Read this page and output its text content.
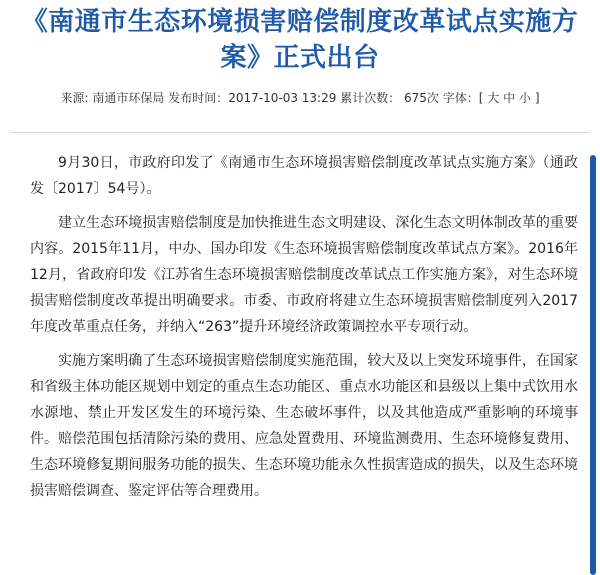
《南通市生态环境损害赔偿制度改革试点实施方案》正式出台
来源: 南通市环保局 发布时间：2017-10-03 13:29 累计次数： 675次 字体：[ 大 中 小 ]

9月30日，市政府印发了《南通市生态环境损害赔偿制度改革试点实施方案》（通政发〔2017〕54号）。

建立生态环境损害赔偿制度是加快推进生态文明建设、深化生态文明体制改革的重要内容。2015年11月，中办、国办印发《生态环境损害赔偿制度改革试点方案》。2016年12月，省政府印发《江苏省生态环境损害赔偿制度改革试点工作实施方案》，对生态环境损害赔偿制度改革提出明确要求。市委、市政府将建立生态环境损害赔偿制度列入2017年度改革重点任务，并纳入“263”提升环境经济政策调控水平专项行动。

实施方案明确了生态环境损害赔偿制度实施范围，较大及以上突发环境事件，在国家和省级主体功能区规划中划定的重点生态功能区、重点水功能区和县级以上集中式饮用水水源地、禁止开发区发生的环境污染、生态破坏事件，以及其他造成严重影响的环境事件。赔偿范围包括清除污染的费用、应急处置费用、环境监测费用、生态环境修复费用、生态环境修复期间服务功能的损失、生态环境功能永久性损害造成的损失，以及生态环境损害赔偿调查、鉴定评估等合理费用。
